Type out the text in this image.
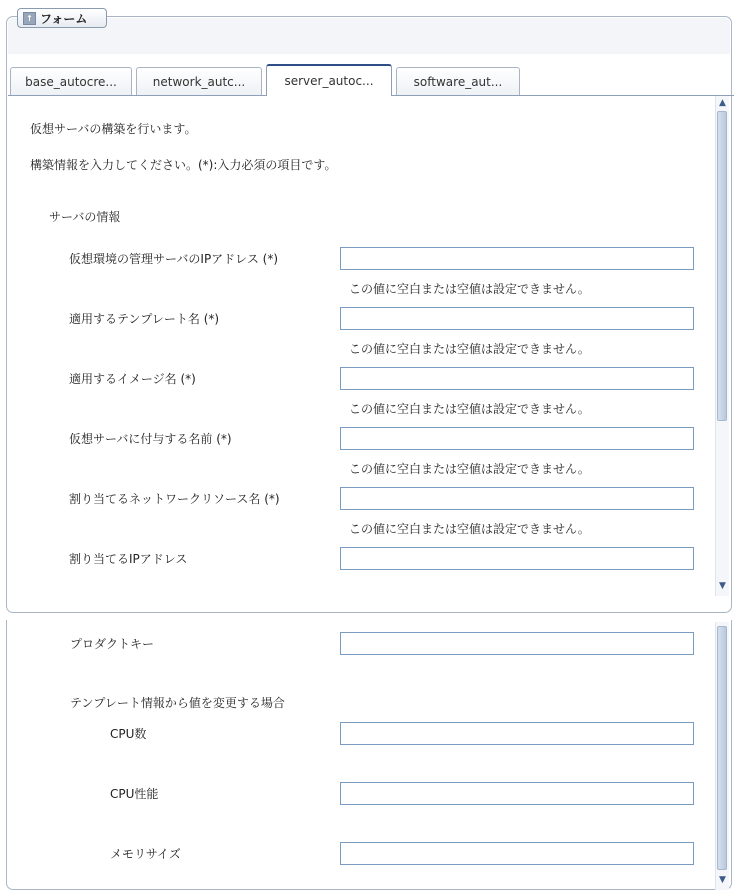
↑ フォーム
base_autocre...	network_autc...	server_autoc...	software_aut...
仮想サーバの構築を行います。
構築情報を入力してください。(*):入力必須の項目です。
サーバの情報
仮想環境の管理サーバのIPアドレス (*)
この値に空白または空値は設定できません。
適用するテンプレート名 (*)
この値に空白または空値は設定できません。
適用するイメージ名 (*)
この値に空白または空値は設定できません。
仮想サーバに付与する名前 (*)
この値に空白または空値は設定できません。
割り当てるネットワークリソース名 (*)
この値に空白または空値は設定できません。
割り当てるIPアドレス
▲
▼
プロダクトキー
テンプレート情報から値を変更する場合
CPU数
CPU性能
メモリサイズ
▼
